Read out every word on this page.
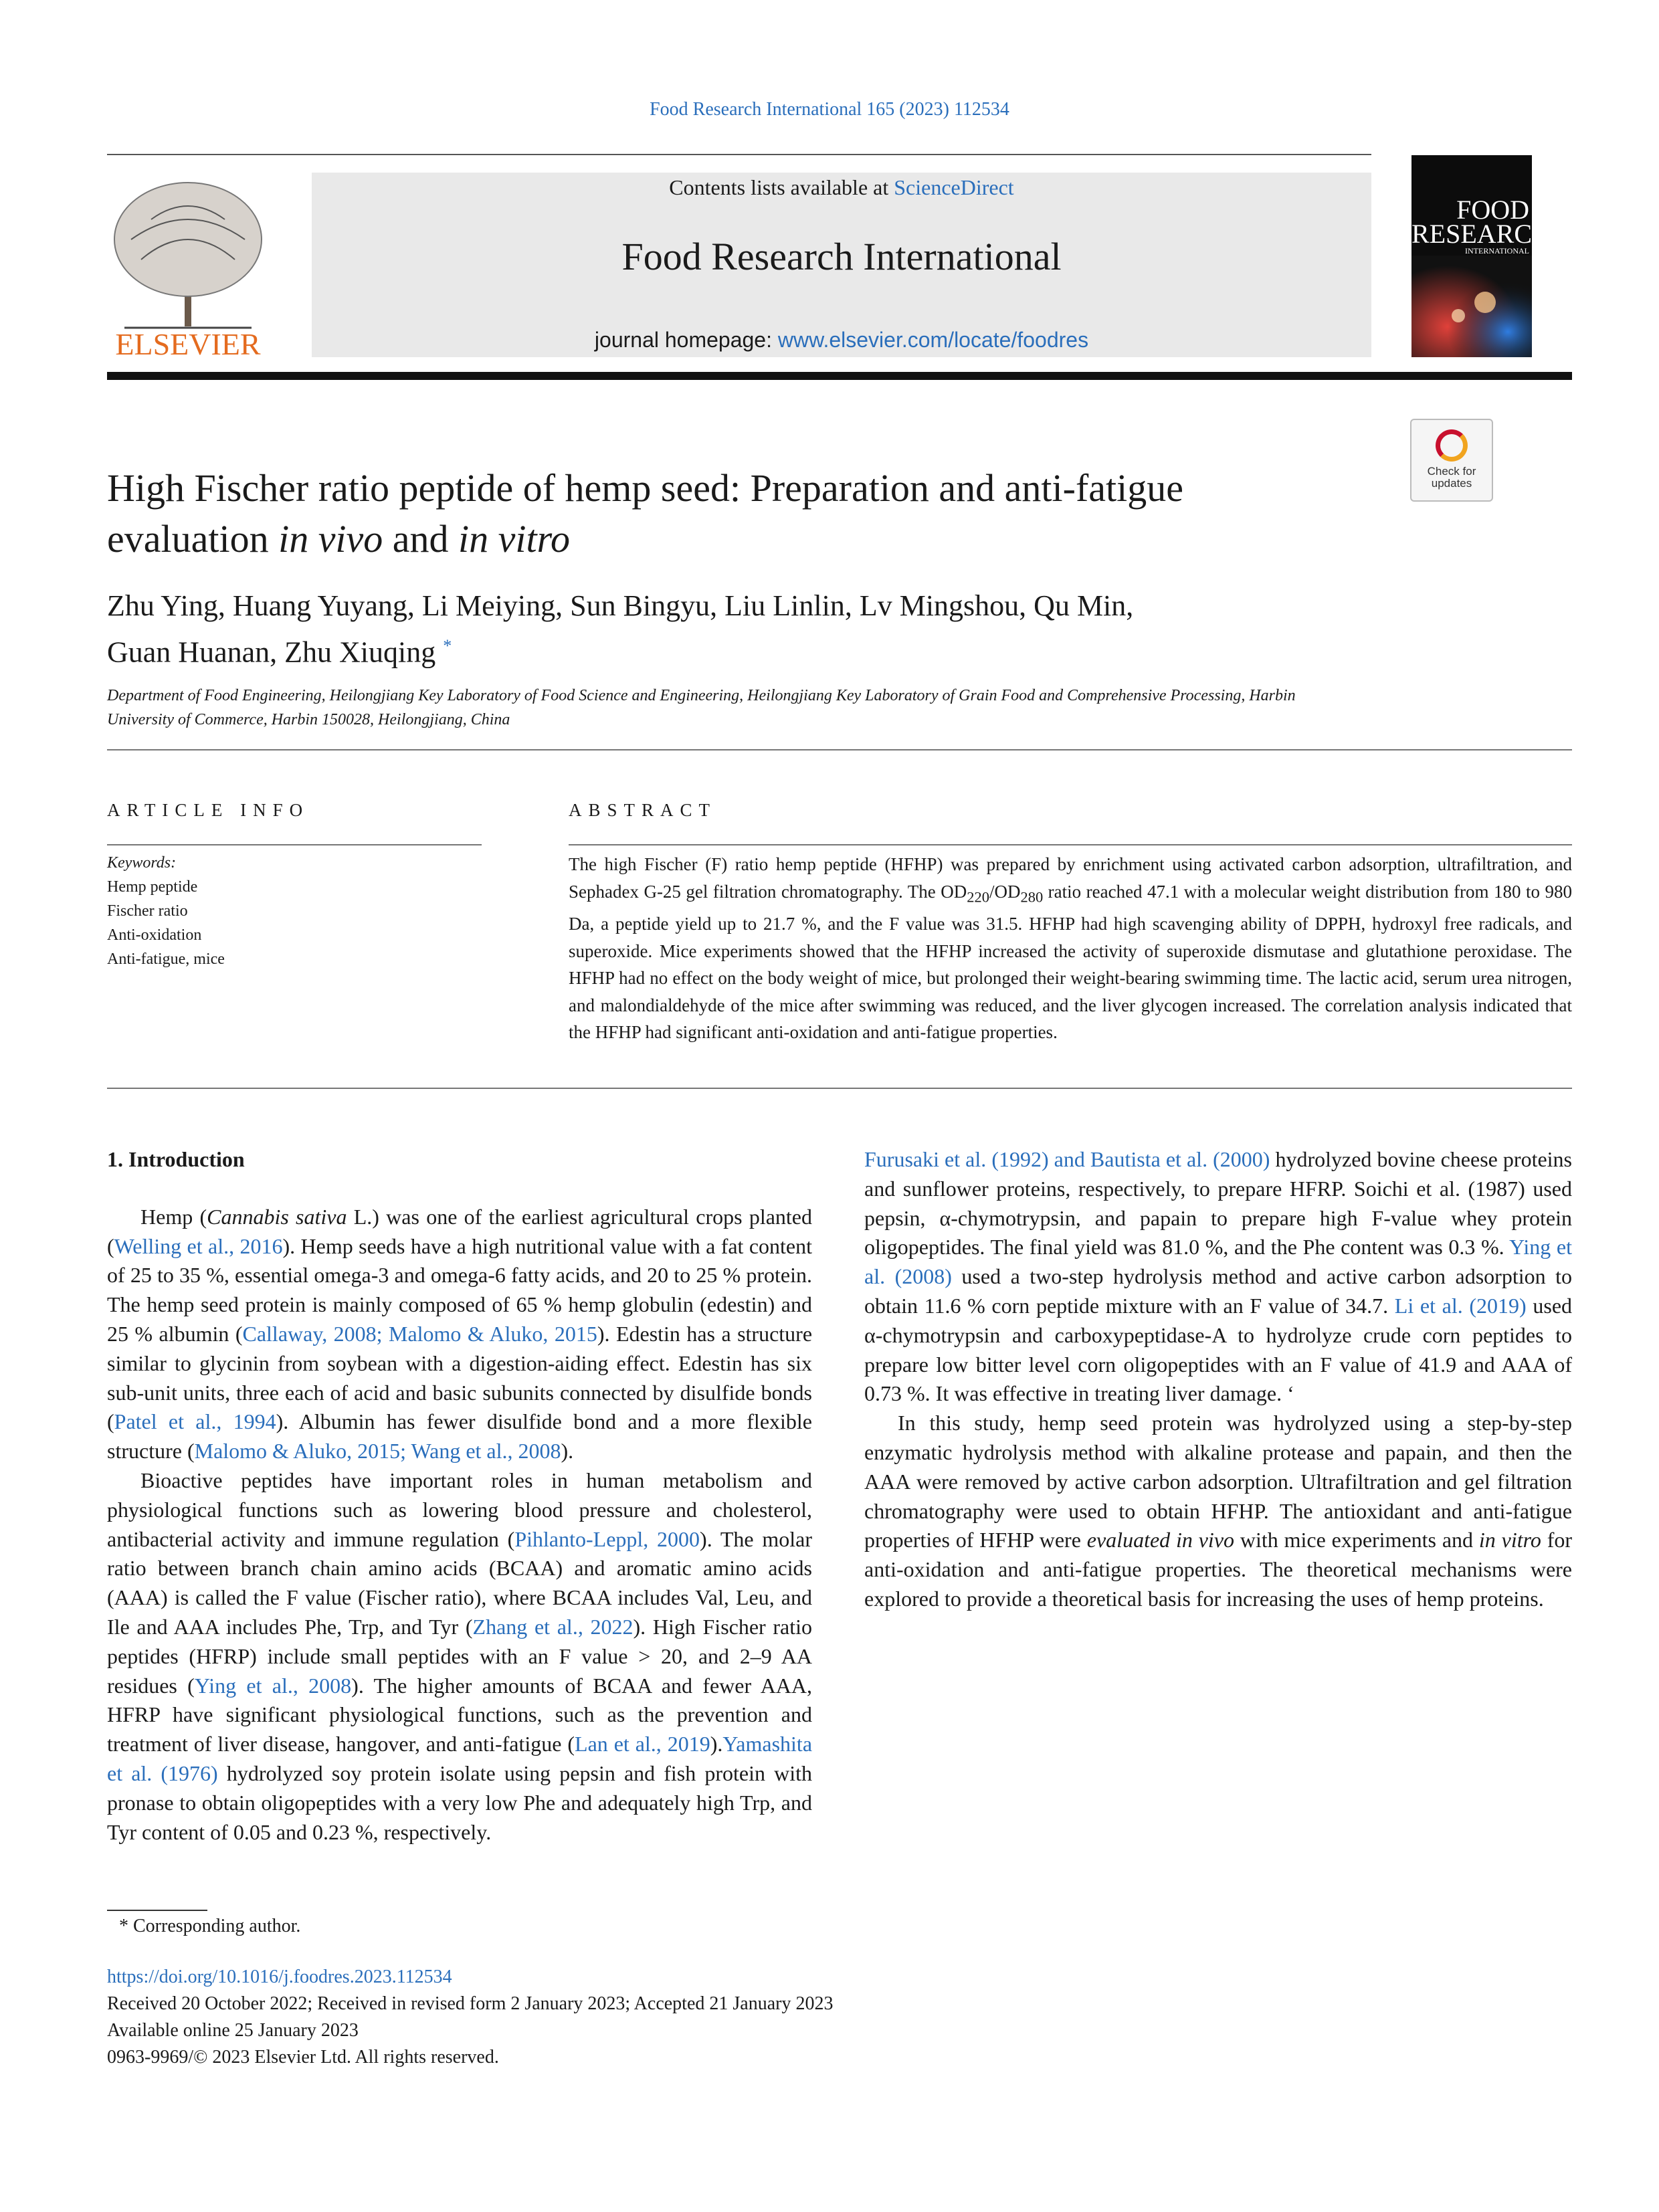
Food Research International 165 (2023) 112534
ELSEVIER
Contents lists available at ScienceDirect
Food Research International
journal homepage: www.elsevier.com/locate/foodres
FOOD RESEARCH
INTERNATIONAL
Check for
updates
High Fischer ratio peptide of hemp seed: Preparation and anti-fatigue evaluation in vivo and in vitro
Zhu Ying, Huang Yuyang, Li Meiying, Sun Bingyu, Liu Linlin, Lv Mingshou, Qu Min,
Guan Huanan, Zhu Xiuqing *
Department of Food Engineering, Heilongjiang Key Laboratory of Food Science and Engineering, Heilongjiang Key Laboratory of Grain Food and Comprehensive Processing, Harbin University of Commerce, Harbin 150028, Heilongjiang, China
ARTICLE INFO	ABSTRACT
Keywords:
Hemp peptide
Fischer ratio
Anti-oxidation
Anti-fatigue, mice
The high Fischer (F) ratio hemp peptide (HFHP) was prepared by enrichment using activated carbon adsorption, ultrafiltration, and Sephadex G-25 gel filtration chromatography. The $OD_{220}/OD_{280}$ ratio reached 47.1 with a molecular weight distribution from 180 to 980 Da, a peptide yield up to 21.7 %, and the F value was 31.5. HFHP had high scavenging ability of DPPH, hydroxyl free radicals, and superoxide. Mice experiments showed that the HFHP increased the activity of superoxide dismutase and glutathione peroxidase. The HFHP had no effect on the body weight of mice, but prolonged their weight-bearing swimming time. The lactic acid, serum urea nitrogen, and malondialdehyde of the mice after swimming was reduced, and the liver glycogen increased. The correlation analysis indicated that the HFHP had significant anti-oxidation and anti-fatigue properties.

1. Introduction

Hemp (Cannabis sativa L.) was one of the earliest agricultural crops planted (Welling et al., 2016). Hemp seeds have a high nutritional value with a fat content of 25 to 35 %, essential omega-3 and omega-6 fatty acids, and 20 to 25 % protein. The hemp seed protein is mainly composed of 65 % hemp globulin (edestin) and 25 % albumin (Callaway, 2008; Malomo & Aluko, 2015). Edestin has a structure similar to glycinin from soybean with a digestion-aiding effect. Edestin has six sub-unit units, three each of acid and basic subunits connected by disulfide bonds (Patel et al., 1994). Albumin has fewer disulfide bond and a more flexible structure (Malomo & Aluko, 2015; Wang et al., 2008).

Bioactive peptides have important roles in human metabolism and physiological functions such as lowering blood pressure and cholesterol, antibacterial activity and immune regulation (Pihlanto-Leppl, 2000). The molar ratio between branch chain amino acids (BCAA) and aromatic amino acids (AAA) is called the F value (Fischer ratio), where BCAA includes Val, Leu, and Ile and AAA includes Phe, Trp, and Tyr (Zhang et al., 2022). High Fischer ratio peptides (HFRP) include small peptides with an F value > 20, and 2–9 AA residues (Ying et al., 2008). The higher amounts of BCAA and fewer AAA, HFRP have significant physiological functions, such as the prevention and treatment of liver disease, hangover, and anti-fatigue (Lan et al., 2019).Yamashita et al. (1976) hydrolyzed soy protein isolate using pepsin and fish protein with pronase to obtain oligopeptides with a very low Phe and adequately high Trp, and Tyr content of 0.05 and 0.23 %, respectively.

Furusaki et al. (1992) and Bautista et al. (2000) hydrolyzed bovine cheese proteins and sunflower proteins, respectively, to prepare HFRP. Soichi et al. (1987) used pepsin, α-chymotrypsin, and papain to prepare high F-value whey protein oligopeptides. The final yield was 81.0 %, and the Phe content was 0.3 %. Ying et al. (2008) used a two-step hydrolysis method and active carbon adsorption to obtain 11.6 % corn peptide mixture with an F value of 34.7. Li et al. (2019) used α-chymotrypsin and carboxypeptidase-A to hydrolyze crude corn peptides to prepare low bitter level corn oligopeptides with an F value of 41.9 and AAA of 0.73 %. It was effective in treating liver damage. ‘

In this study, hemp seed protein was hydrolyzed using a step-by-step enzymatic hydrolysis method with alkaline protease and papain, and then the AAA were removed by active carbon adsorption. Ultrafiltration and gel filtration chromatography were used to obtain HFHP. The antioxidant and anti-fatigue properties of HFHP were evaluated in vivo with mice experiments and in vitro for anti-oxidation and anti-fatigue properties. The theoretical mechanisms were explored to provide a theoretical basis for increasing the uses of hemp proteins.

* Corresponding author.
https://doi.org/10.1016/j.foodres.2023.112534
Received 20 October 2022; Received in revised form 2 January 2023; Accepted 21 January 2023
Available online 25 January 2023
0963-9969/© 2023 Elsevier Ltd. All rights reserved.
